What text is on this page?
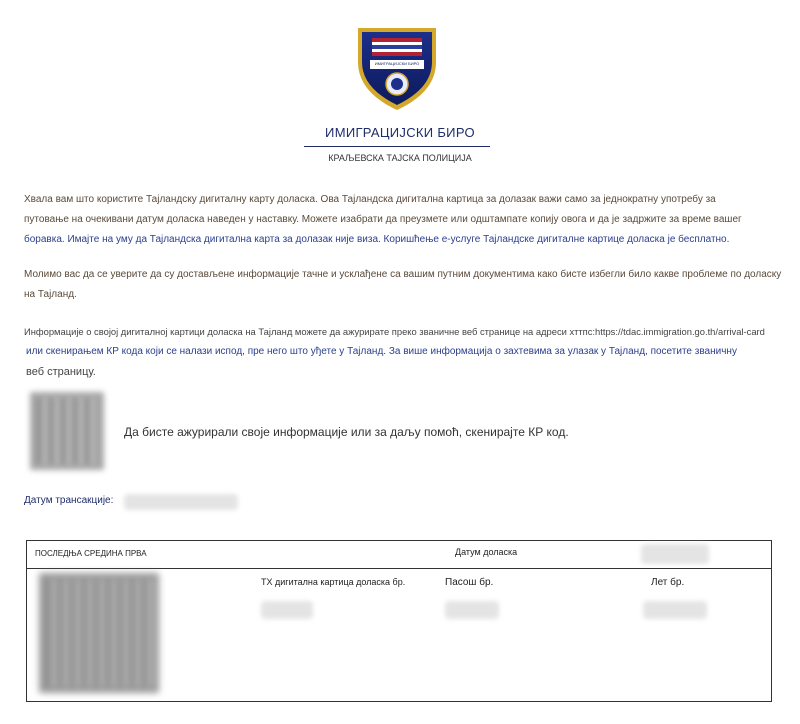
ИМИГРАЦИЈСКИ БИРО
ИМИГРАЦИЈСКИ БИРО
КРАЉЕВСКА ТАЈСКА ПОЛИЦИЈА
Хвала вам што користите Тајландску дигиталну карту доласка. Ова Тајландска дигитална картица за долазак важи само за једнократну употребу за
путовање на очекивани датум доласка наведен у наставку. Можете изабрати да преузмете или одштампате копију овога и да је задржите за време вашег
боравка. Имајте на уму да Тајландска дигитална карта за долазак није виза. Коришћење е-услуге Тајландске дигиталне картице доласка је бесплатно.
Молимо вас да се уверите да су достављене информације тачне и усклађене са вашим путним документима како бисте избегли било какве проблеме по доласку
на Тајланд.
Информације о својој дигиталној картици доласка на Тајланд можете да ажурирате преко званичне веб странице на адреси хттпс:https://tdac.immigration.go.th/arrival-card
или скенирањем КР кода који се налази испод, пре него што уђете у Тајланд. За више информација о захтевима за улазак у Тајланд, посетите званичну
веб страницу.
Да бисте ажурирали своје информације или за даљу помоћ, скенирајте КР код.
Датум трансакције:
ПОСЛЕДЊА СРЕДИНА ПРВА	Датум доласка
ТХ дигитална картица доласка бр.	Пасош бр.	Лет бр.
